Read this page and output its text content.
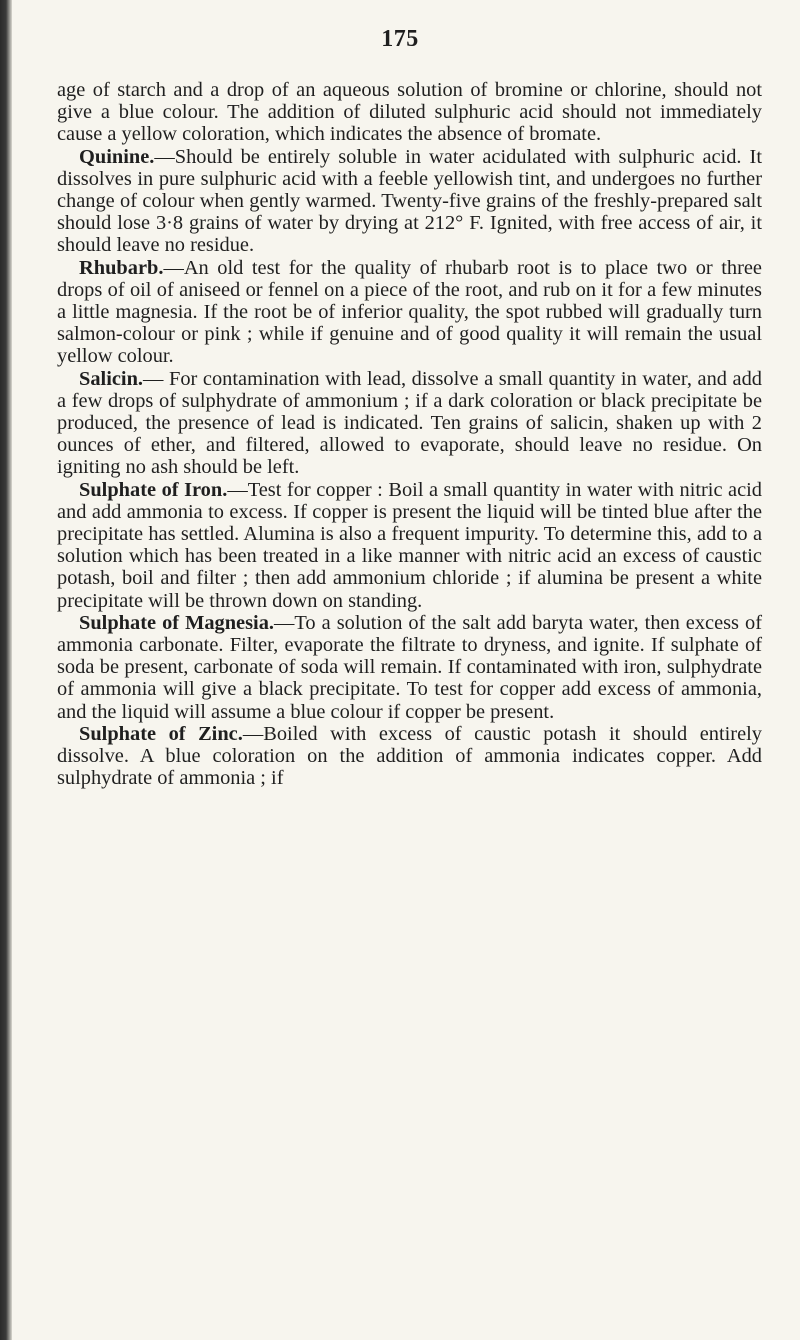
175

age of starch and a drop of an aqueous solution of bromine or chlorine, should not give a blue colour. The addition of diluted sulphuric acid should not immediately cause a yellow coloration, which indicates the absence of bromate.

Quinine.—Should be entirely soluble in water acidulated with sulphuric acid. It dissolves in pure sulphuric acid with a feeble yellowish tint, and undergoes no further change of colour when gently warmed. Twenty-five grains of the freshly-prepared salt should lose 3·8 grains of water by drying at 212° F. Ignited, with free access of air, it should leave no residue.

Rhubarb.—An old test for the quality of rhubarb root is to place two or three drops of oil of aniseed or fennel on a piece of the root, and rub on it for a few minutes a little magnesia. If the root be of inferior quality, the spot rubbed will gradually turn salmon-colour or pink ; while if genuine and of good quality it will remain the usual yellow colour.

Salicin.— For contamination with lead, dissolve a small quantity in water, and add a few drops of sulphydrate of ammonium ; if a dark coloration or black precipitate be produced, the presence of lead is indicated. Ten grains of salicin, shaken up with 2 ounces of ether, and filtered, allowed to evaporate, should leave no residue. On igniting no ash should be left.

Sulphate of Iron.—Test for copper : Boil a small quantity in water with nitric acid and add ammonia to excess. If copper is present the liquid will be tinted blue after the precipitate has settled. Alumina is also a frequent impurity. To determine this, add to a solution which has been treated in a like manner with nitric acid an excess of caustic potash, boil and filter ; then add ammonium chloride ; if alumina be present a white precipitate will be thrown down on standing.

Sulphate of Magnesia.—To a solution of the salt add baryta water, then excess of ammonia carbonate. Filter, evaporate the filtrate to dryness, and ignite. If sulphate of soda be present, carbonate of soda will remain. If contaminated with iron, sulphydrate of ammonia will give a black precipitate. To test for copper add excess of ammonia, and the liquid will assume a blue colour if copper be present.

Sulphate of Zinc.—Boiled with excess of caustic potash it should entirely dissolve. A blue coloration on the addition of ammonia indicates copper. Add sulphydrate of ammonia ; if
